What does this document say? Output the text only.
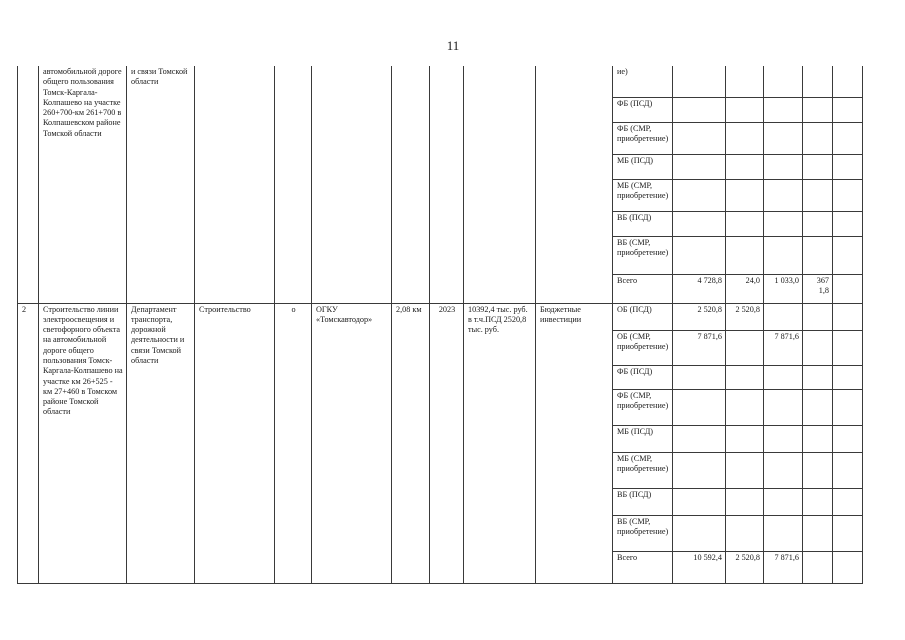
11
	автомобильной дороге общего пользования Томск-Каргала-Колпашево на участке 260+700-км 261+700 в Колпашевском районе Томской области	и связи Томской области								ие)					
										ФБ (ПСД)					
										ФБ (СМР, приобретение)					
										МБ (ПСД)					
										МБ (СМР, приобретение)					
										ВБ (ПСД)					
										ВБ (СМР, приобретение)					
										Всего	4 728,8	24,0	1 033,0	367 1,8	
2	Строительство линии электроосвещения и светофорного объекта на автомобильной дороге общего пользования Томск-Каргала-Колпашево на участке км 26+525 - км 27+460 в Томском районе Томской области	Департамент транспорта, дорожной деятельности и связи Томской области	Строительство	о	ОГКУ «Томскавтодор»	2,08 км	2023	10392,4 тыс. руб. в т.ч.ПСД 2520,8 тыс. руб.	Бюджетные инвестиции	ОБ (ПСД)	2 520,8	2 520,8			
										ОБ (СМР, приобретение)	7 871,6		7 871,6		
										ФБ (ПСД)					
										ФБ (СМР, приобретение)					
										МБ (ПСД)					
										МБ (СМР, приобретение)					
										ВБ (ПСД)					
										ВБ (СМР, приобретение)					
										Всего	10 592,4	2 520,8	7 871,6		
